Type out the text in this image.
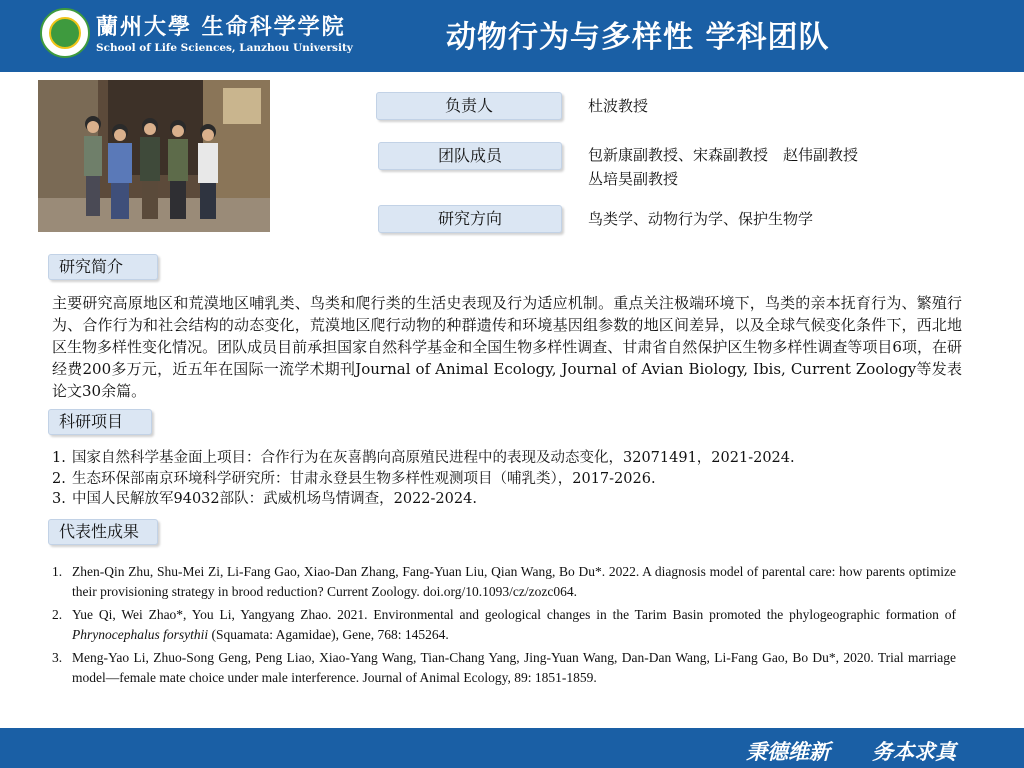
蘭州大學 生命科学学院
School of Life Sciences, Lanzhou University	动物行为与多样性 学科团队
负责人	杜波教授
团队成员	包新康副教授、宋森副教授　赵伟副教授
丛培昊副教授
研究方向	鸟类学、动物行为学、保护生物学
研究简介
主要研究高原地区和荒漠地区哺乳类、鸟类和爬行类的生活史表现及行为适应机制。重点关注极端环境下，鸟类的亲本抚育行为、繁殖行为、合作行为和社会结构的动态变化，荒漠地区爬行动物的种群遗传和环境基因组参数的地区间差异，以及全球气候变化条件下，西北地区生物多样性变化情况。团队成员目前承担国家自然科学基金和全国生物多样性调查、甘肃省自然保护区生物多样性调查等项目6项，在研经费200多万元，近五年在国际一流学术期刊Journal of Animal Ecology, Journal of Avian Biology, Ibis, Current Zoology等发表论文30余篇。
科研项目
1. 国家自然科学基金面上项目：合作行为在灰喜鹊向高原殖民进程中的表现及动态变化，32071491，2021-2024.
2. 生态环保部南京环境科学研究所：甘肃永登县生物多样性观测项目（哺乳类），2017-2026.
3. 中国人民解放军94032部队：武威机场鸟情调查，2022-2024.
代表性成果
1. Zhen-Qin Zhu, Shu-Mei Zi, Li-Fang Gao, Xiao-Dan Zhang, Fang-Yuan Liu, Qian Wang, Bo Du*. 2022. A diagnosis model of parental care: how parents optimize their provisioning strategy in brood reduction? Current Zoology. doi.org/10.1093/cz/zozc064.
2. Yue Qi, Wei Zhao*, You Li, Yangyang Zhao. 2021. Environmental and geological changes in the Tarim Basin promoted the phylogeographic formation of Phrynocephalus forsythii (Squamata: Agamidae), Gene, 768: 145264.
3. Meng-Yao Li, Zhuo-Song Geng, Peng Liao, Xiao-Yang Wang, Tian-Chang Yang, Jing-Yuan Wang, Dan-Dan Wang, Li-Fang Gao, Bo Du*, 2020. Trial marriage model—female mate choice under male interference. Journal of Animal Ecology, 89: 1851-1859.
秉德维新 务本求真
